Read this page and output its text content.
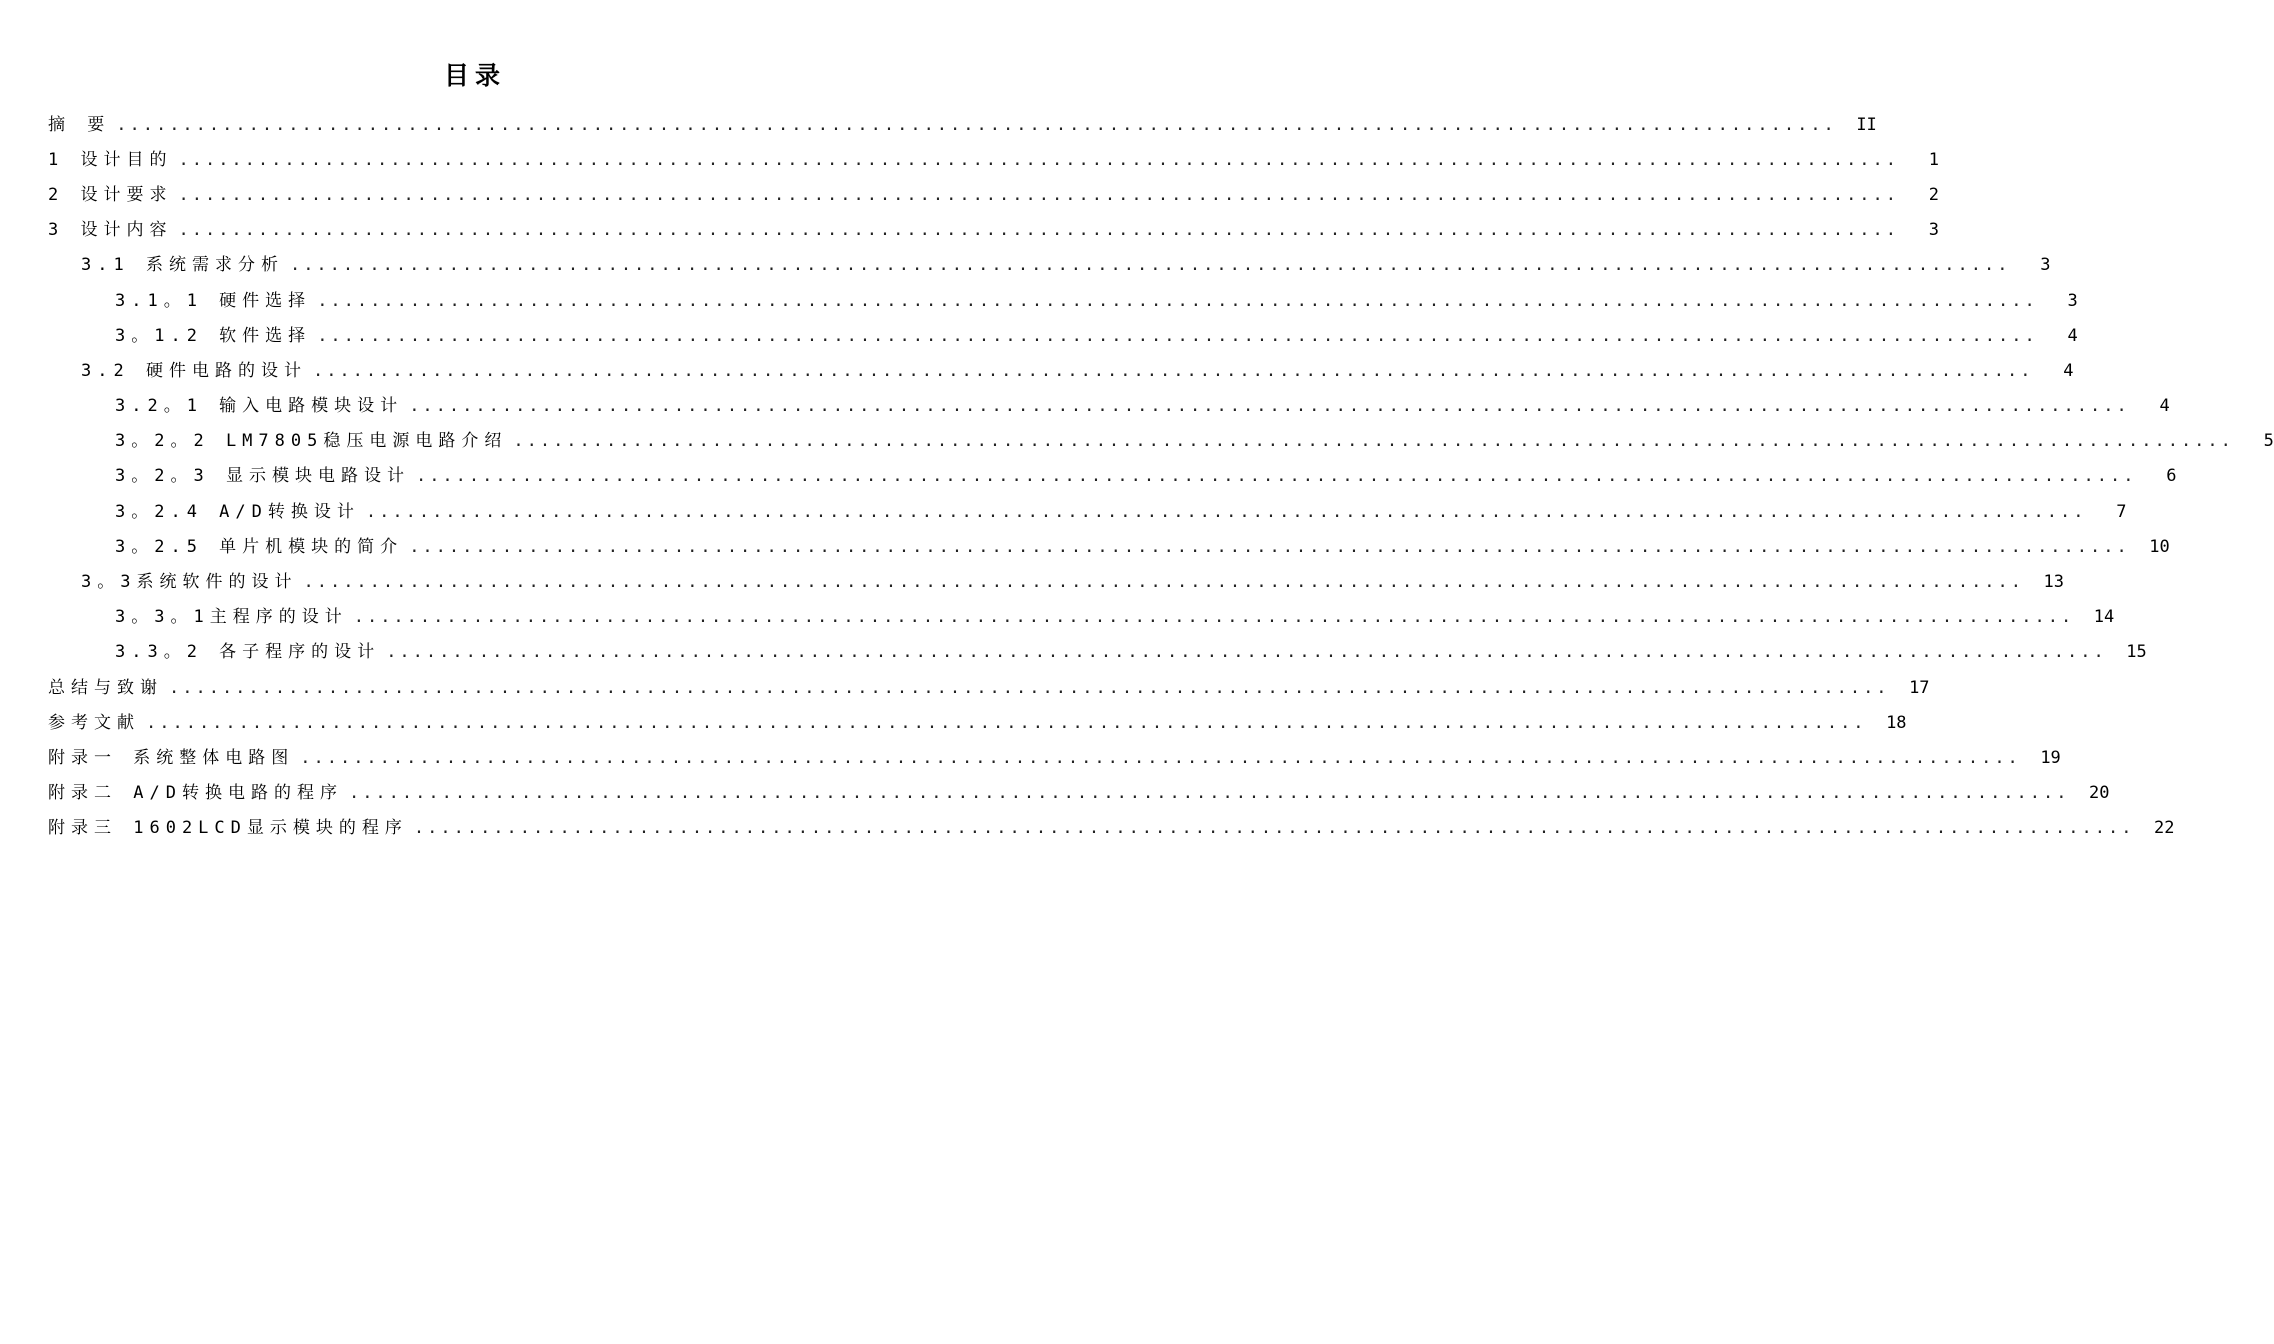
目录
摘 要 ..................................................................................................................................	II
1 设计目的 ..................................................................................................................................	1
2 设计要求 ..................................................................................................................................	2
3 设计内容 ..................................................................................................................................	3
3.1 系统需求分析 ..................................................................................................................................	3
3.1。1 硬件选择 ..................................................................................................................................	3
3。1.2 软件选择 ..................................................................................................................................	4
3.2 硬件电路的设计 ..................................................................................................................................	4
3.2。1 输入电路模块设计 ..................................................................................................................................	4
3。2。2 LM7805稳压电源电路介绍 ..................................................................................................................................	5
3。2。3 显示模块电路设计 ..................................................................................................................................	6
3。2.4 A/D转换设计 ..................................................................................................................................	7
3。2.5 单片机模块的简介 ..................................................................................................................................	10
3。3系统软件的设计 ..................................................................................................................................	13
3。3。1主程序的设计 ..................................................................................................................................	14
3.3。2 各子程序的设计 ..................................................................................................................................	15
总结与致谢 ..................................................................................................................................	17
参考文献 ..................................................................................................................................	18
附录一 系统整体电路图 ..................................................................................................................................	19
附录二 A/D转换电路的程序 ..................................................................................................................................	20
附录三 1602LCD显示模块的程序 ..................................................................................................................................	22
